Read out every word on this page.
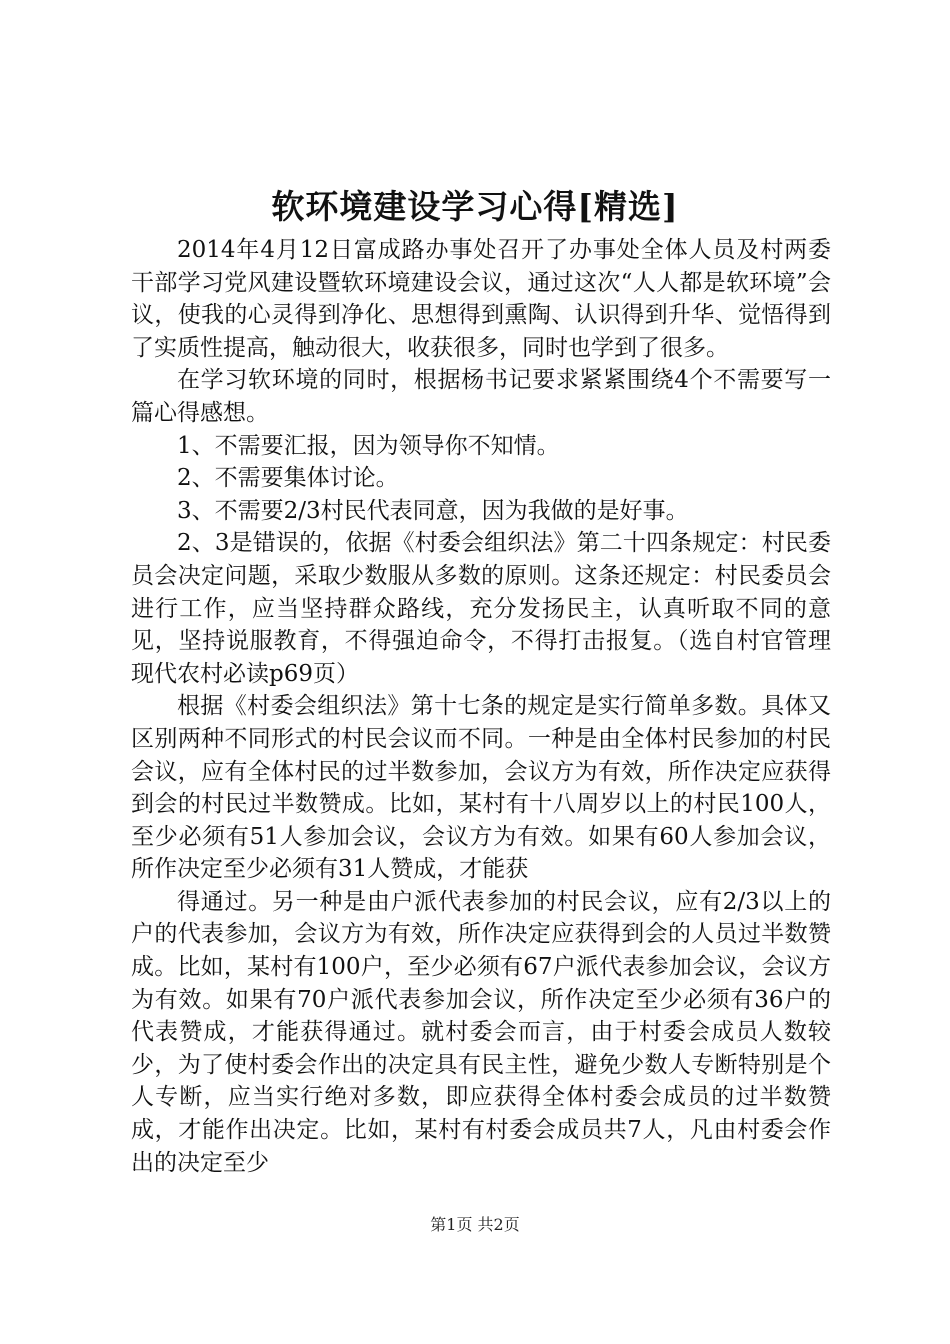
软环境建设学习心得[精选]

2014年4月12日富成路办事处召开了办事处全体人员及村两委干部学习党风建设暨软环境建设会议，通过这次“人人都是软环境”会议，使我的心灵得到净化、思想得到熏陶、认识得到升华、觉悟得到了实质性提高，触动很大，收获很多，同时也学到了很多。

在学习软环境的同时，根据杨书记要求紧紧围绕4个不需要写一篇心得感想。

1、不需要汇报，因为领导你不知情。

2、不需要集体讨论。

3、不需要2/3村民代表同意，因为我做的是好事。

2、3是错误的，依据《村委会组织法》第二十四条规定：村民委员会决定问题，采取少数服从多数的原则。这条还规定：村民委员会进行工作，应当坚持群众路线，充分发扬民主，认真听取不同的意见，坚持说服教育，不得强迫命令，不得打击报复。（选自村官管理现代农村必读p69页）

根据《村委会组织法》第十七条的规定是实行简单多数。具体又区别两种不同形式的村民会议而不同。一种是由全体村民参加的村民会议，应有全体村民的过半数参加，会议方为有效，所作决定应获得到会的村民过半数赞成。比如，某村有十八周岁以上的村民100人，至少必须有51人参加会议，会议方为有效。如果有60人参加会议，所作决定至少必须有31人赞成，才能获

得通过。另一种是由户派代表参加的村民会议，应有2/3以上的户的代表参加，会议方为有效，所作决定应获得到会的人员过半数赞成。比如，某村有100户，至少必须有67户派代表参加会议，会议方为有效。如果有70户派代表参加会议，所作决定至少必须有36户的代表赞成，才能获得通过。就村委会而言，由于村委会成员人数较少，为了使村委会作出的决定具有民主性，避免少数人专断特别是个人专断，应当实行绝对多数，即应获得全体村委会成员的过半数赞成，才能作出决定。比如，某村有村委会成员共7人，凡由村委会作出的决定至少

第1页 共2页
